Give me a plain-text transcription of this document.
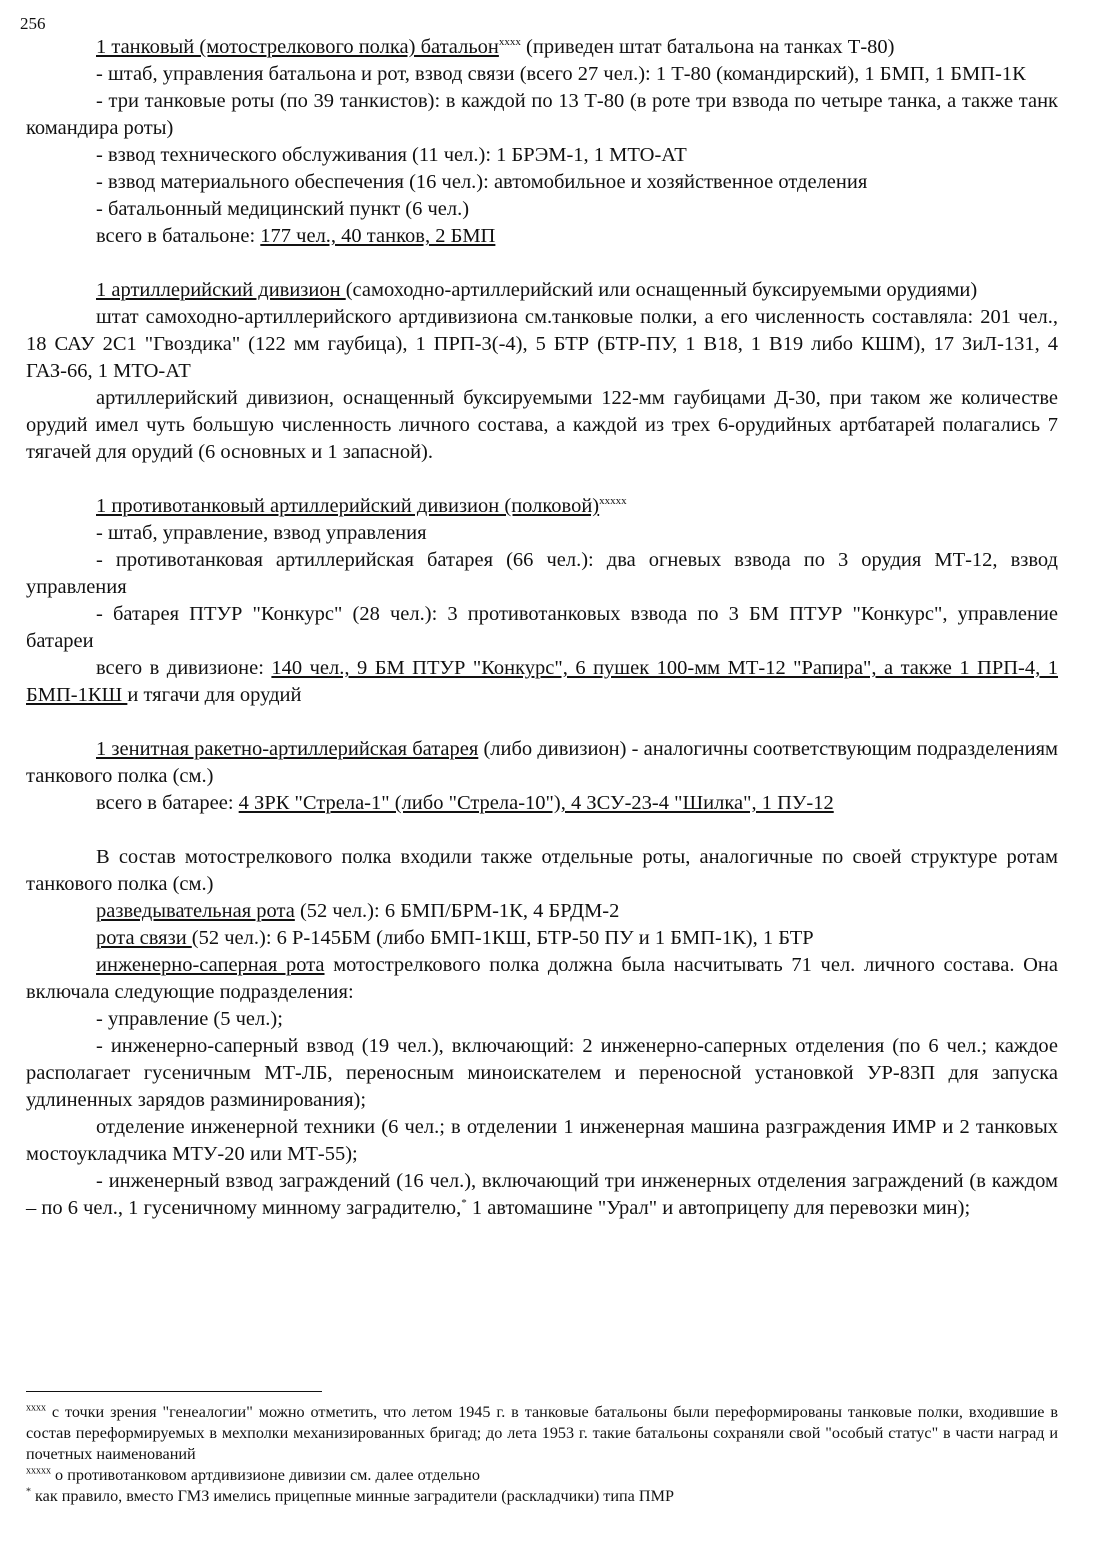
256

1 танковый (мотострелкового полка) батальон$^{xxxx}$ (приведен штат батальона на танках Т-80)

- штаб, управления батальона и рот, взвод связи (всего 27 чел.): 1 Т-80 (командирский), 1 БМП, 1 БМП-1К

- три танковые роты (по 39 танкистов): в каждой по 13 Т-80 (в роте три взвода по четыре танка, а также танк командира роты)

- взвод технического обслуживания (11 чел.): 1 БРЭМ-1, 1 МТО-АТ

- взвод материального обеспечения (16 чел.): автомобильное и хозяйственное отделения

- батальонный медицинский пункт (6 чел.)

всего в батальоне: 177 чел., 40 танков, 2 БМП

1 артиллерийский дивизион (самоходно-артиллерийский или оснащенный буксируемыми орудиями)

штат самоходно-артиллерийского артдивизиона см.танковые полки, а его численность составляла: 201 чел., 18 САУ 2С1 "Гвоздика" (122 мм гаубица), 1 ПРП-3(-4), 5 БТР (БТР-ПУ, 1 В18, 1 В19 либо КШМ), 17 ЗиЛ-131, 4 ГАЗ-66, 1 МТО-АТ

артиллерийский дивизион, оснащенный буксируемыми 122-мм гаубицами Д-30, при таком же количестве орудий имел чуть большую численность личного состава, а каждой из трех 6-орудийных артбатарей полагались 7 тягачей для орудий (6 основных и 1 запасной).

1 противотанковый артиллерийский дивизион (полковой)$^{xxxxx}$

- штаб, управление, взвод управления

- противотанковая артиллерийская батарея (66 чел.): два огневых взвода по 3 орудия МТ-12, взвод управления

- батарея ПТУР "Конкурс" (28 чел.): 3 противотанковых взвода по 3 БМ ПТУР "Конкурс", управление батареи

всего в дивизионе: 140 чел., 9 БМ ПТУР "Конкурс", 6 пушек 100-мм МТ-12 "Рапира", а также 1 ПРП-4, 1 БМП-1КШ и тягачи для орудий

1 зенитная ракетно-артиллерийская батарея (либо дивизион) - аналогичны соответствующим подразделениям танкового полка (см.)

всего в батарее: 4 ЗРК "Стрела-1" (либо "Стрела-10"), 4 ЗСУ-23-4 "Шилка", 1 ПУ-12

В состав мотострелкового полка входили также отдельные роты, аналогичные по своей структуре ротам танкового полка (см.)

разведывательная рота (52 чел.): 6 БМП/БРМ-1К, 4 БРДМ-2

рота связи (52 чел.): 6 Р-145БМ (либо БМП-1КШ, БТР-50 ПУ и 1 БМП-1К), 1 БТР

инженерно-саперная рота мотострелкового полка должна была насчитывать 71 чел. личного состава. Она включала следующие подразделения:

- управление (5 чел.);

- инженерно-саперный взвод (19 чел.), включающий: 2 инженерно-саперных отделения (по 6 чел.; каждое располагает гусеничным МТ-ЛБ, переносным миноискателем и переносной установкой УР-83П для запуска удлиненных зарядов разминирования);

отделение инженерной техники (6 чел.; в отделении 1 инженерная машина разграждения ИМР и 2 танковых мостоукладчика МТУ-20 или МТ-55);

- инженерный взвод заграждений (16 чел.), включающий три инженерных отделения заграждений (в каждом – по 6 чел., 1 гусеничному минному заградителю,* 1 автомашине "Урал" и автоприцепу для перевозки мин);

$^{xxxx}$ с точки зрения "генеалогии" можно отметить, что летом 1945 г. в танковые батальоны были переформированы танковые полки, входившие в состав переформируемых в мехполки механизированных бригад; до лета 1953 г. такие батальоны сохраняли свой "особый статус" в части наград и почетных наименований

$^{xxxxx}$ о противотанковом артдивизионе дивизии см. далее отдельно

* как правило, вместо ГМЗ имелись прицепные минные заградители (раскладчики) типа ПМР
